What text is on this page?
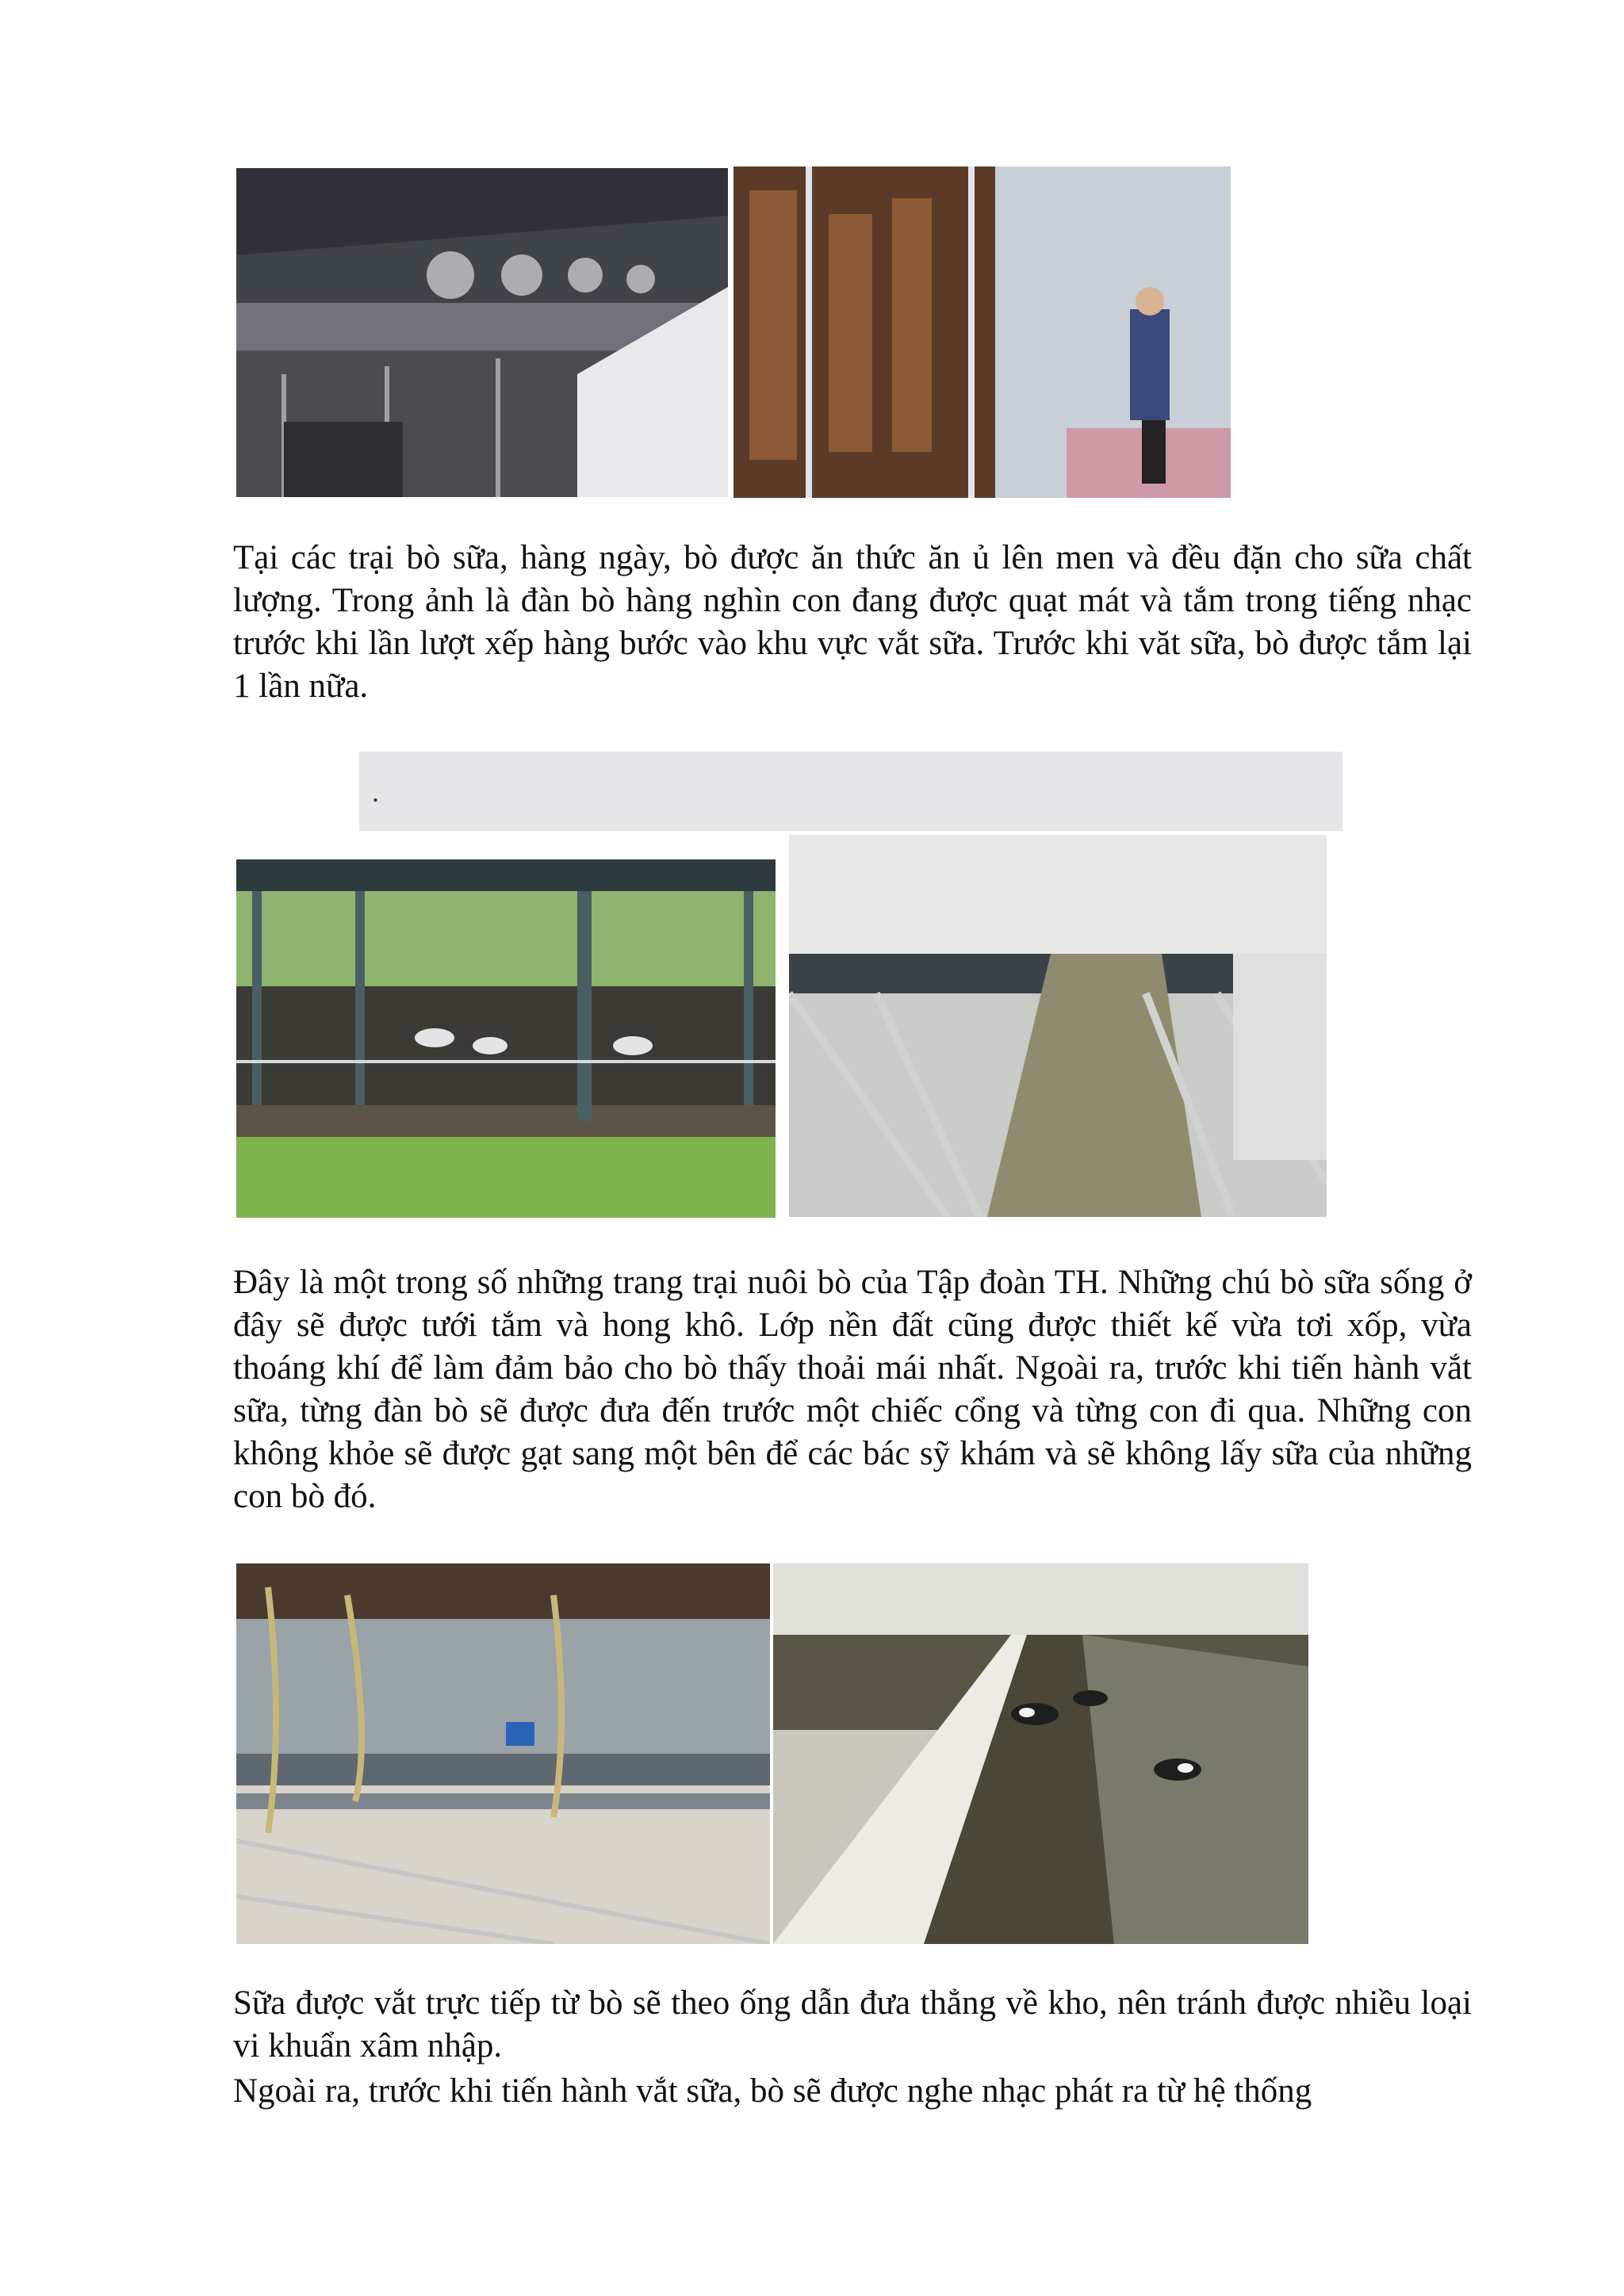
Tại các trại bò sữa, hàng ngày, bò được ăn thức ăn ủ lên men và đều đặn cho sữa chất lượng. Trong ảnh là đàn bò hàng nghìn con đang được quạt mát và tắm trong tiếng nhạc trước khi lần lượt xếp hàng bước vào khu vực vắt sữa. Trước khi văt sữa, bò được tắm lại 1 lần nữa.

.

Đây là một trong số những trang trại nuôi bò của Tập đoàn TH. Những chú bò sữa sống ở đây sẽ được tưới tắm và hong khô. Lớp nền đất cũng được thiết kế vừa tơi xốp, vừa thoáng khí để làm đảm bảo cho bò thấy thoải mái nhất. Ngoài ra, trước khi tiến hành vắt sữa, từng đàn bò sẽ được đưa đến trước một chiếc cổng và từng con đi qua. Những con không khỏe sẽ được gạt sang một bên để các bác sỹ khám và sẽ không lấy sữa của những con bò đó.

Sữa được vắt trực tiếp từ bò sẽ theo ống dẫn đưa thẳng về kho, nên tránh được nhiều loại vi khuẩn xâm nhập.

Ngoài ra, trước khi tiến hành vắt sữa, bò sẽ được nghe nhạc phát ra từ hệ thống
